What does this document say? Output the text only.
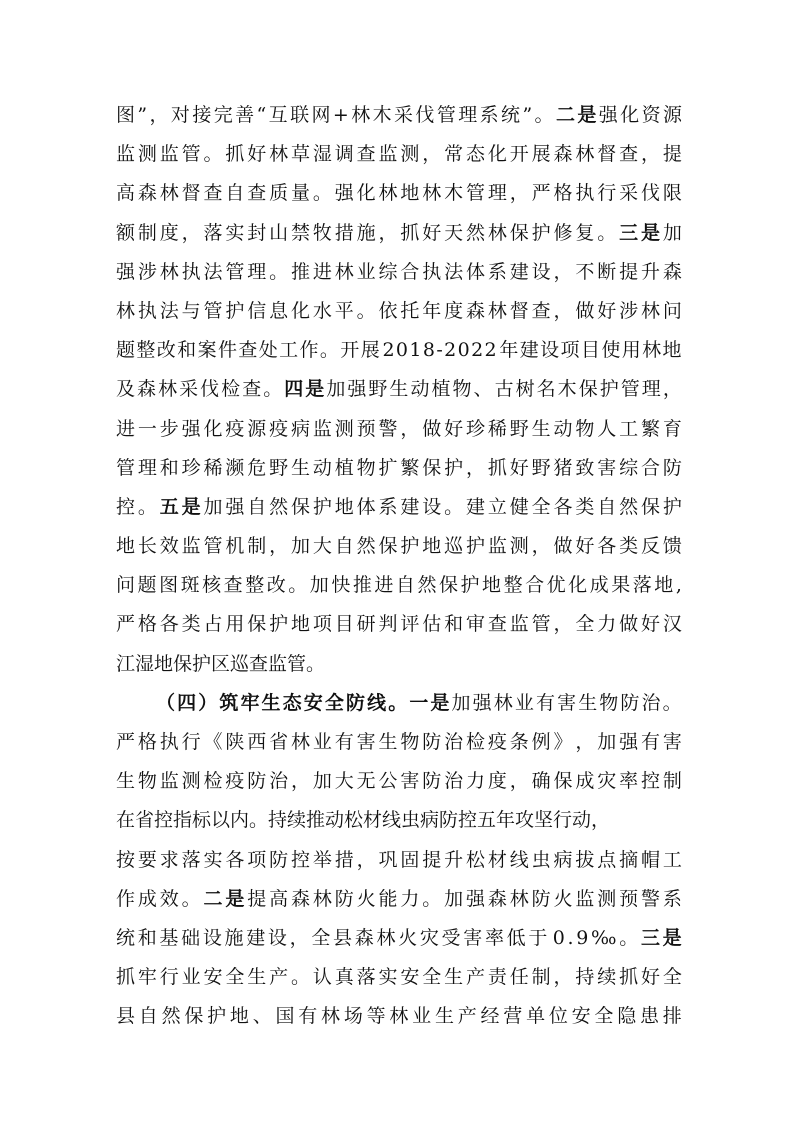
图 ” ， 对 接 完 善 “ 互 联 网 + 林 木 采 伐 管 理 系 统 ” 。 二 是 强 化 资 源
监 测 监 管 。 抓 好 林 草 湿 调 查 监 测 ， 常 态 化 开 展 森 林 督 查 ， 提
高 森 林 督 查 自 查 质 量 。 强 化 林 地 林 木 管 理 ， 严 格 执 行 采 伐 限
额 制 度 ， 落 实 封 山 禁 牧 措 施 ， 抓 好 天 然 林 保 护 修 复 。 三 是 加
强 涉 林 执 法 管 理 。 推 进 林 业 综 合 执 法 体 系 建 设 ， 不 断 提 升 森
林 执 法 与 管 护 信 息 化 水 平 。 依 托 年 度 森 林 督 查 ， 做 好 涉 林 问
题 整 改 和 案 件 查 处 工 作 。 开 展 2 0 1 8 - 2 0 2 2 年 建 设 项 目 使 用 林 地
及 森 林 采 伐 检 查 。 四 是 加 强 野 生 动 植 物 、 古 树 名 木 保 护 管 理 ，
进 一 步 强 化 疫 源 疫 病 监 测 预 警 ， 做 好 珍 稀 野 生 动 物 人 工 繁 育
管 理 和 珍 稀 濒 危 野 生 动 植 物 扩 繁 保 护 ， 抓 好 野 猪 致 害 综 合 防
控 。 五 是 加 强 自 然 保 护 地 体 系 建 设 。 建 立 健 全 各 类 自 然 保 护
地 长 效 监 管 机 制 ， 加 大 自 然 保 护 地 巡 护 监 测 ， 做 好 各 类 反 馈
问 题 图 斑 核 查 整 改 。 加 快 推 进 自 然 保 护 地 整 合 优 化 成 果 落 地 ,
严 格 各 类 占 用 保 护 地 项 目 研 判 评 估 和 审 查 监 管 ， 全 力 做 好 汉
江湿地保护区巡查监管。
（ 四 ） 筑 牢 生 态 安 全 防 线 。 一 是 加 强 林 业 有 害 生 物 防 治 。
严 格 执 行 《 陕 西 省 林 业 有 害 生 物 防 治 检 疫 条 例 》 ， 加 强 有 害
生 物 监 测 检 疫 防 治 ， 加 大 无 公 害 防 治 力 度 ， 确 保 成 灾 率 控 制
在省控指标以内。持续推动松材线虫病防控五年攻坚行动，
按 要 求 落 实 各 项 防 控 举 措 ， 巩 固 提 升 松 材 线 虫 病 拔 点 摘 帽 工
作 成 效 。 二 是 提 高 森 林 防 火 能 力 。 加 强 森 林 防 火 监 测 预 警 系
统 和 基 础 设 施 建 设 ， 全 县 森 林 火 灾 受 害 率 低 于 0 . 9 ‰ 。 三 是
抓 牢 行 业 安 全 生 产 。 认 真 落 实 安 全 生 产 责 任 制 ， 持 续 抓 好 全
县 自 然 保 护 地 、 国 有 林 场 等 林 业 生 产 经 营 单 位 安 全 隐 患 排
